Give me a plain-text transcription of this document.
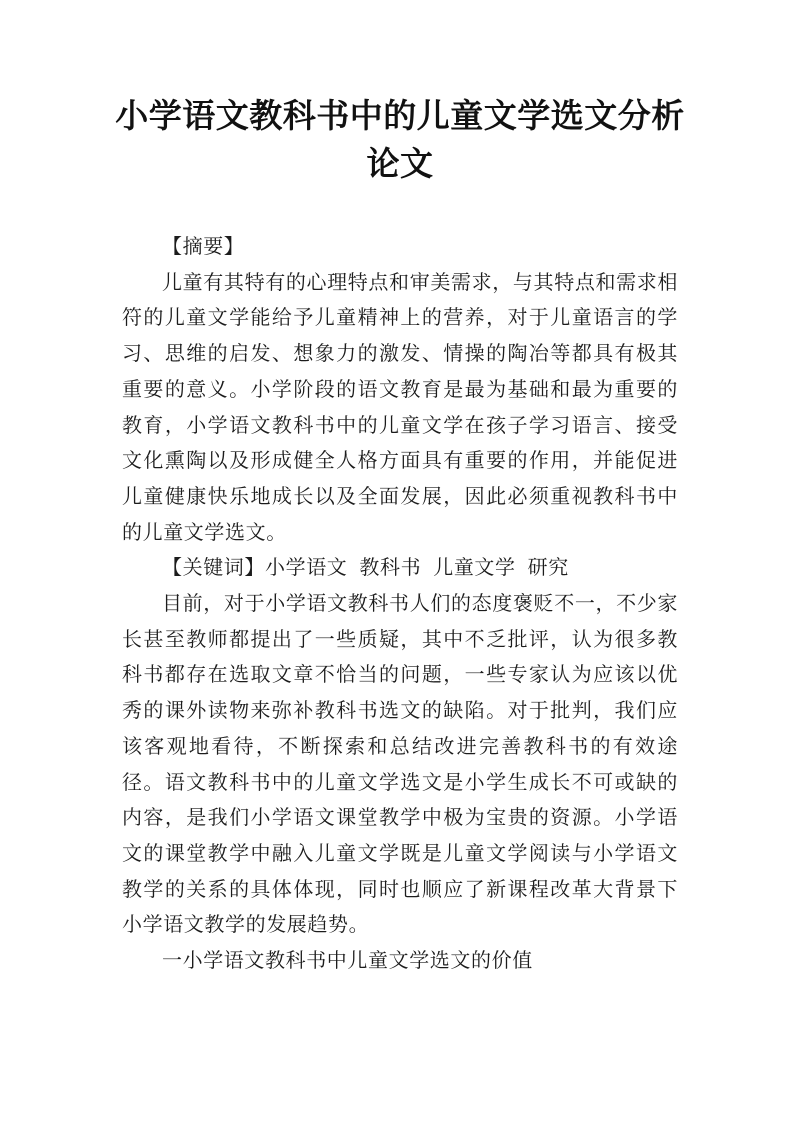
小学语文教科书中的儿童文学选文分析论文

【摘要】

儿童有其特有的心理特点和审美需求，与其特点和需求相符的儿童文学能给予儿童精神上的营养，对于儿童语言的学习、思维的启发、想象力的激发、情操的陶冶等都具有极其重要的意义。小学阶段的语文教育是最为基础和最为重要的教育，小学语文教科书中的儿童文学在孩子学习语言、接受文化熏陶以及形成健全人格方面具有重要的作用，并能促进儿童健康快乐地成长以及全面发展，因此必须重视教科书中的儿童文学选文。

【关键词】小学语文 教科书 儿童文学 研究

目前，对于小学语文教科书人们的态度褒贬不一，不少家长甚至教师都提出了一些质疑，其中不乏批评，认为很多教科书都存在选取文章不恰当的问题，一些专家认为应该以优秀的课外读物来弥补教科书选文的缺陷。对于批判，我们应该客观地看待，不断探索和总结改进完善教科书的有效途径。语文教科书中的儿童文学选文是小学生成长不可或缺的内容，是我们小学语文课堂教学中极为宝贵的资源。小学语文的课堂教学中融入儿童文学既是儿童文学阅读与小学语文教学的关系的具体体现，同时也顺应了新课程改革大背景下小学语文教学的发展趋势。

一小学语文教科书中儿童文学选文的价值
